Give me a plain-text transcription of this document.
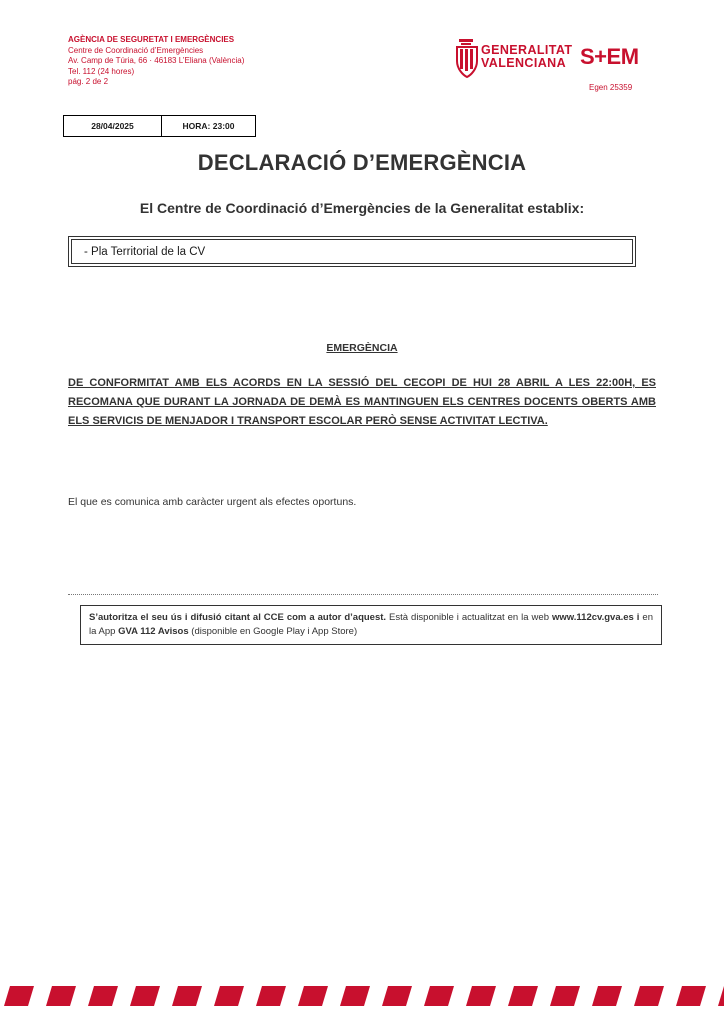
AGÈNCIA DE SEGURETAT I EMERGÈNCIES
Centre de Coordinació d’Emergències
Av. Camp de Túria, 66 · 46183 L’Eliana (València)
Tel. 112 (24 hores)
pág. 2 de 2
GENERALITAT
VALENCIANA S+EM
Egen 25359
28/04/2025	HORA: 23:00
DECLARACIÓ D’EMERGÈNCIA
El Centre de Coordinació d’Emergències de la Generalitat establix:
- Pla Territorial de la CV
EMERGÈNCIA
DE CONFORMITAT AMB ELS ACORDS EN LA SESSIÓ DEL CECOPI DE HUI 28 ABRIL A LES 22:00H, ES RECOMANA QUE DURANT LA JORNADA DE DEMÀ ES MANTINGUEN ELS CENTRES DOCENTS OBERTS AMB ELS SERVICIS DE MENJADOR I TRANSPORT ESCOLAR PERÒ SENSE ACTIVITAT LECTIVA.
El que es comunica amb caràcter urgent als efectes oportuns.
S’autoritza el seu ús i difusió citant al CCE com a autor d’aquest. Està disponible i actualitzat en la web www.112cv.gva.es i en la App GVA 112 Avisos (disponible en Google Play i App Store)
